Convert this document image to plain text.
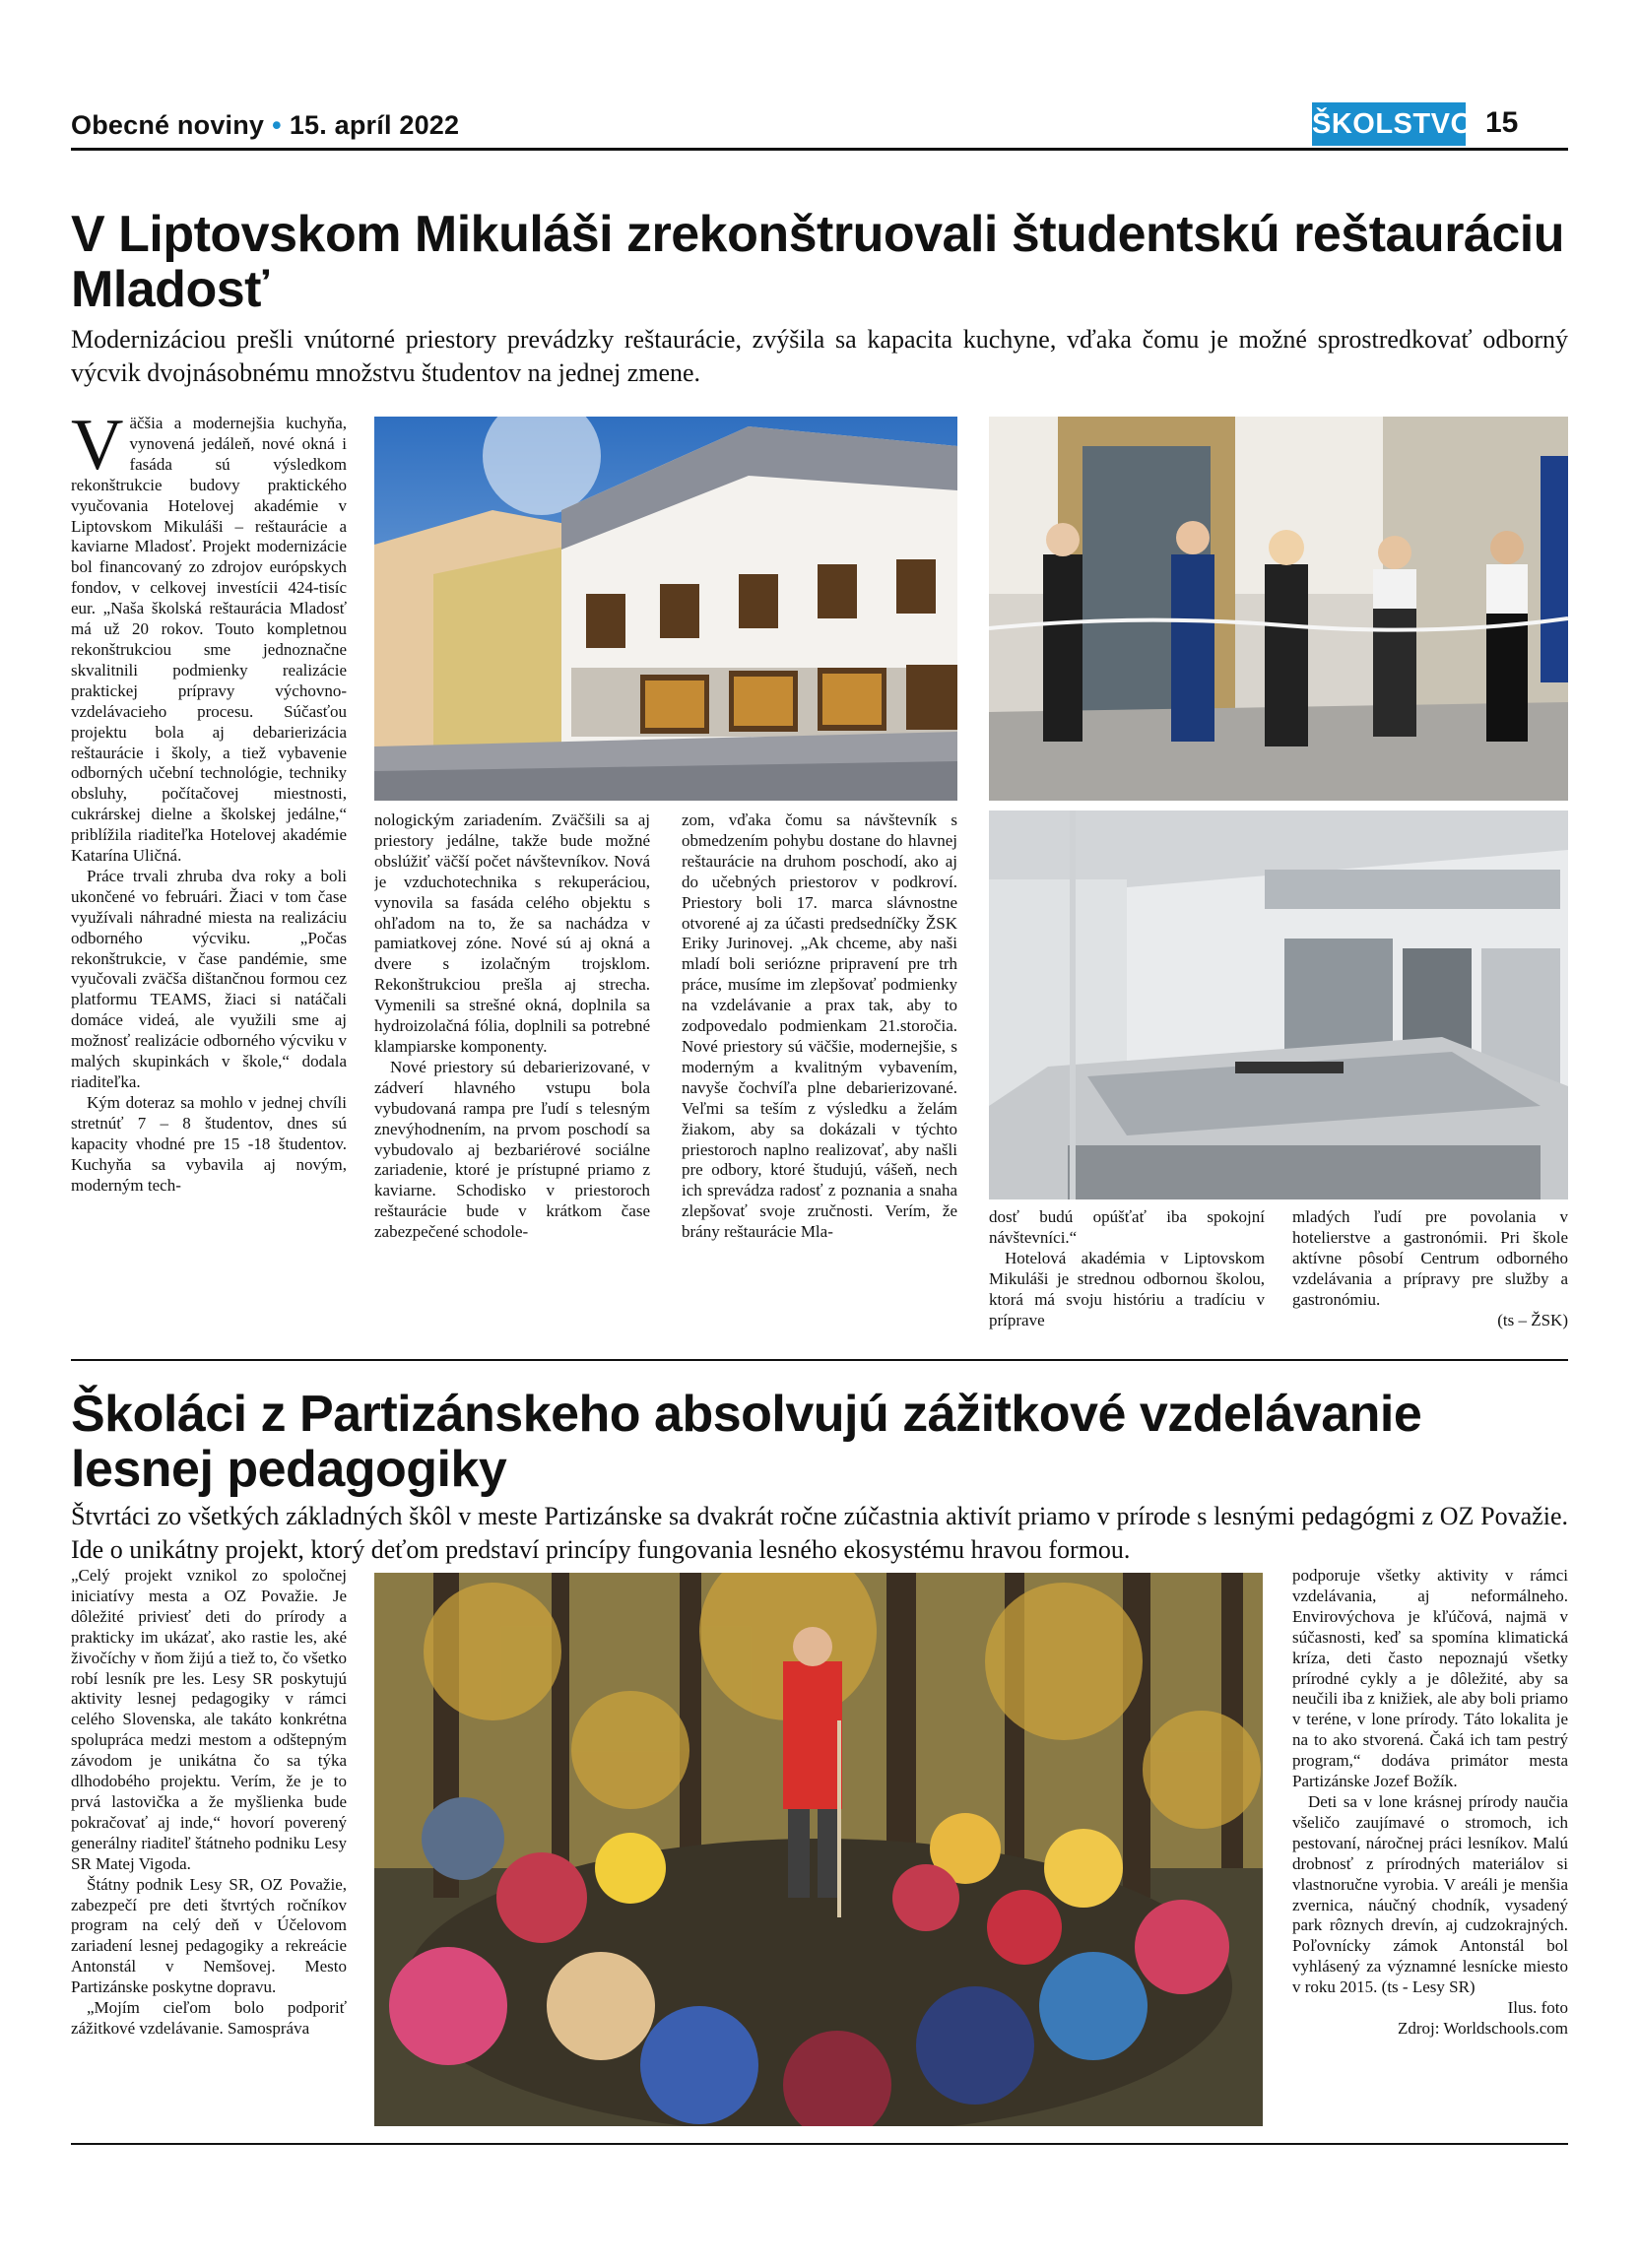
Obecné noviny • 15. apríl 2022	ŠKOLSTVO 15
V Liptovskom Mikuláši zrekonštruovali študentskú reštauráciu Mladosť

Modernizáciou prešli vnútorné priestory prevádzky reštaurácie, zvýšila sa kapacita kuchyne, vďaka čomu je možné sprostredkovať odborný výcvik dvojnásobnému množstvu študentov na jednej zmene.

Väčšia a modernejšia kuchyňa, vynovená jedáleň, nové okná i fasáda sú výsledkom rekonštrukcie budovy praktického vyučovania Hotelovej akadémie v Liptovskom Mikuláši – reštaurácie a kaviarne Mladosť. Projekt modernizácie bol financovaný zo zdrojov európskych fondov, v celkovej investícii 424-tisíc eur. „Naša školská reštaurácia Mladosť má už 20 rokov. Touto kompletnou rekonštrukciou sme jednoznačne skvalitnili podmienky realizácie praktickej prípravy výchovno-vzdelávacieho procesu. Súčasťou projektu bola aj debarierizácia reštaurácie i školy, a tiež vybavenie odborných učební technológie, techniky obsluhy, počítačovej miestnosti, cukrárskej dielne a školskej jedálne,“ priblížila riaditeľka Hotelovej akadémie Katarína Uličná.

Práce trvali zhruba dva roky a boli ukončené vo februári. Žiaci v tom čase využívali náhradné miesta na realizáciu odborného výcviku. „Počas rekonštrukcie, v čase pandémie, sme vyučovali zväčša dištančnou formou cez platformu TEAMS, žiaci si natáčali domáce videá, ale využili sme aj možnosť realizácie odborného výcviku v malých skupinkách v škole,“ dodala riaditeľka.

Kým doteraz sa mohlo v jednej chvíli stretnúť 7 – 8 študentov, dnes sú kapacity vhodné pre 15 -18 študentov. Kuchyňa sa vybavila aj novým, moderným tech-

nologickým zariadením. Zväčšili sa aj priestory jedálne, takže bude možné obslúžiť väčší počet návštevníkov. Nová je vzduchotechnika s rekuperáciou, vynovila sa fasáda celého objektu s ohľadom na to, že sa nachádza v pamiatkovej zóne. Nové sú aj okná a dvere s izolačným trojsklom. Rekonštrukciou prešla aj strecha. Vymenili sa strešné okná, doplnila sa hydroizolačná fólia, doplnili sa potrebné klampiarske komponenty.

Nové priestory sú debarierizované, v zádverí hlavného vstupu bola vybudovaná rampa pre ľudí s telesným znevýhodnením, na prvom poschodí sa vybudovalo aj bezbariérové sociálne zariadenie, ktoré je prístupné priamo z kaviarne. Schodisko v priestoroch reštaurácie bude v krátkom čase zabezpečené schodole-

zom, vďaka čomu sa návštevník s obmedzením pohybu dostane do hlavnej reštaurácie na druhom poschodí, ako aj do učebných priestorov v podkroví. Priestory boli 17. marca slávnostne otvorené aj za účasti predsedníčky ŽSK Eriky Jurinovej. „Ak chceme, aby naši mladí boli seriózne pripravení pre trh práce, musíme im zlepšovať podmienky na vzdelávanie a prax tak, aby to zodpovedalo podmienkam 21.storočia. Nové priestory sú väčšie, modernejšie, s moderným a kvalitným vybavením, navyše čochvíľa plne debarierizované. Veľmi sa teším z výsledku a želám žiakom, aby sa dokázali v týchto priestoroch naplno realizovať, aby našli pre odbory, ktoré študujú, vášeň, nech ich sprevádza radosť z poznania a snaha zlepšovať svoje zručnosti. Verím, že brány reštaurácie Mla-

dosť budú opúšťať iba spokojní návštevníci.“

Hotelová akadémia v Liptovskom Mikuláši je strednou odbornou školou, ktorá má svoju históriu a tradíciu v príprave

mladých ľudí pre povolania v hotelierstve a gastronómii. Pri škole aktívne pôsobí Centrum odborného vzdelávania a prípravy pre služby a gastronómiu.

(ts – ŽSK)

Školáci z Partizánskeho absolvujú zážitkové vzdelávanie lesnej pedagogiky

Štvrtáci zo všetkých základných škôl v meste Partizánske sa dvakrát ročne zúčastnia aktivít priamo v prírode s lesnými pedagógmi z OZ Považie. Ide o unikátny projekt, ktorý deťom predstaví princípy fungovania lesného ekosystému hravou formou.

„Celý projekt vznikol zo spoločnej iniciatívy mesta a OZ Považie. Je dôležité priviesť deti do prírody a prakticky im ukázať, ako rastie les, aké živočíchy v ňom žijú a tiež to, čo všetko robí lesník pre les. Lesy SR poskytujú aktivity lesnej pedagogiky v rámci celého Slovenska, ale takáto konkrétna spolupráca medzi mestom a odštepným závodom je unikátna čo sa týka dlhodobého projektu. Verím, že je to prvá lastovička a že myšlienka bude pokračovať aj inde,“ hovorí poverený generálny riaditeľ štátneho podniku Lesy SR Matej Vigoda.

Štátny podnik Lesy SR, OZ Považie, zabezpečí pre deti štvrtých ročníkov program na celý deň v Účelovom zariadení lesnej pedagogiky a rekreácie Antonstál v Nemšovej. Mesto Partizánske poskytne dopravu.

„Mojím cieľom bolo podporiť zážitkové vzdelávanie. Samospráva

podporuje všetky aktivity v rámci vzdelávania, aj neformálneho. Envirovýchova je kľúčová, najmä v súčasnosti, keď sa spomína klimatická kríza, deti často nepoznajú všetky prírodné cykly a je dôležité, aby sa neučili iba z knižiek, ale aby boli priamo v teréne, v lone prírody. Táto lokalita je na to ako stvorená. Čaká ich tam pestrý program,“ dodáva primátor mesta Partizánske Jozef Božík.

Deti sa v lone krásnej prírody naučia všeličo zaujímavé o stromoch, ich pestovaní, náročnej práci lesníkov. Malú drobnosť z prírodných materiálov si vlastnoručne vyrobia. V areáli je menšia zvernica, náučný chodník, vysadený park rôznych drevín, aj cudzokrajných. Poľovnícky zámok Antonstál bol vyhlásený za významné lesnícke miesto v roku 2015. (ts - Lesy SR)

Ilus. foto

Zdroj: Worldschools.com
